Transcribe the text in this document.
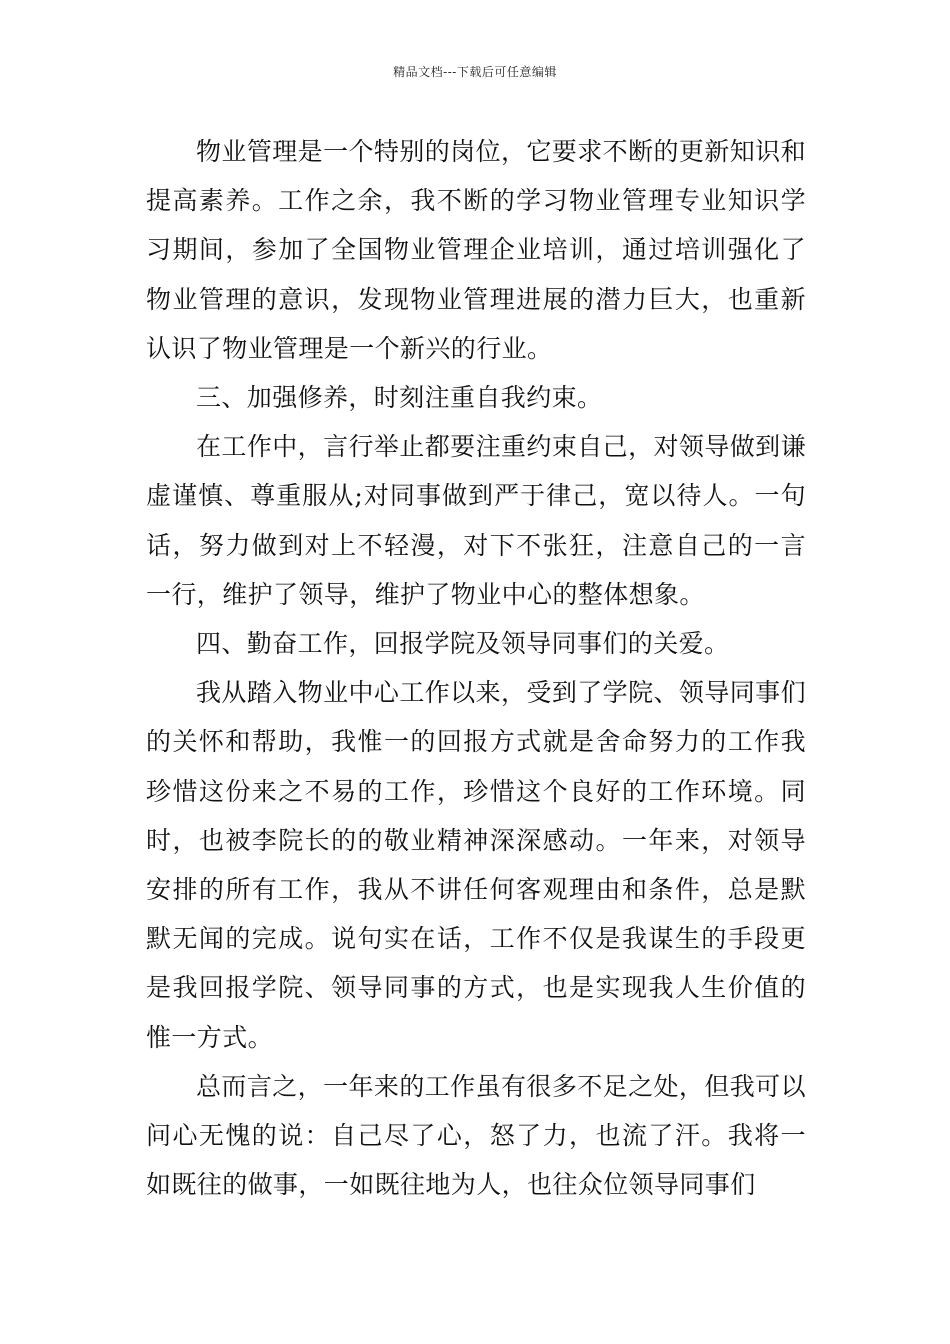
精品文档---下载后可任意编辑

物业管理是一个特别的岗位，它要求不断的更新知识和提高素养。工作之余，我不断的学习物业管理专业知识学习期间，参加了全国物业管理企业培训，通过培训强化了物业管理的意识，发现物业管理进展的潜力巨大，也重新认识了物业管理是一个新兴的行业。

三、加强修养，时刻注重自我约束。

在工作中，言行举止都要注重约束自己，对领导做到谦虚谨慎、尊重服从;对同事做到严于律己，宽以待人。一句话，努力做到对上不轻漫，对下不张狂，注意自己的一言一行，维护了领导，维护了物业中心的整体想象。

四、勤奋工作，回报学院及领导同事们的关爱。

我从踏入物业中心工作以来，受到了学院、领导同事们的关怀和帮助，我惟一的回报方式就是舍命努力的工作我珍惜这份来之不易的工作，珍惜这个良好的工作环境。同时，也被李院长的的敬业精神深深感动。一年来，对领导安排的所有工作，我从不讲任何客观理由和条件，总是默默无闻的完成。说句实在话，工作不仅是我谋生的手段更是我回报学院、领导同事的方式，也是实现我人生价值的惟一方式。

总而言之，一年来的工作虽有很多不足之处，但我可以问心无愧的说：自己尽了心，怒了力，也流了汗。我将一如既往的做事，一如既往地为人，也往众位领导同事们
